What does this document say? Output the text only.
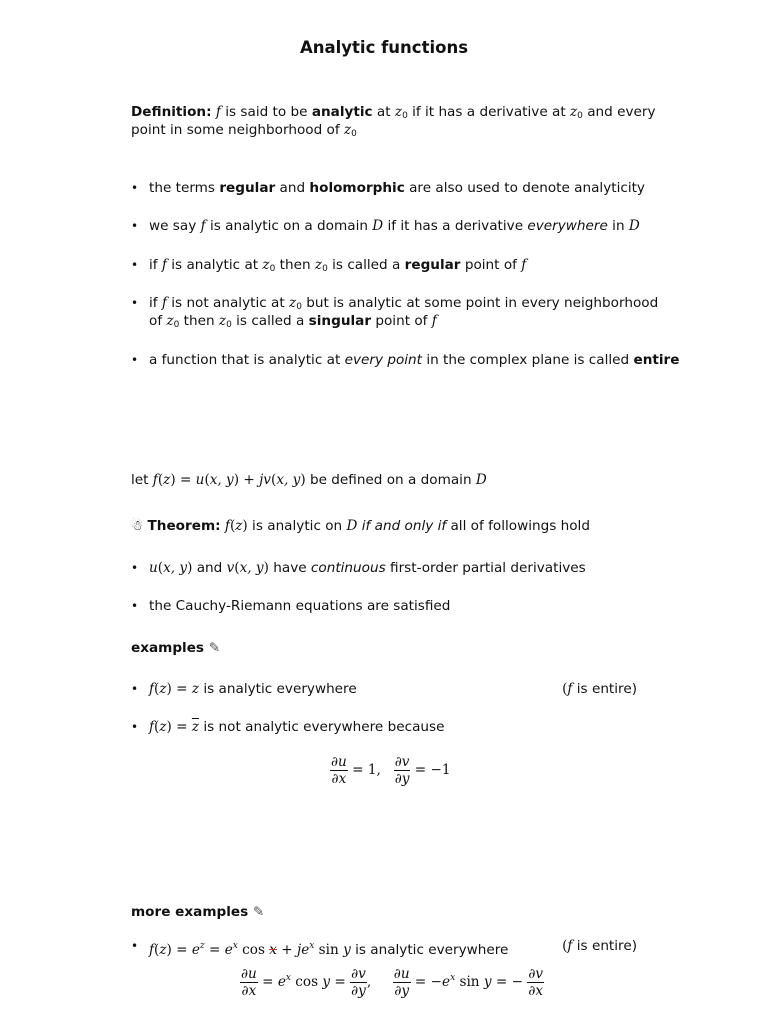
Analytic functions
Definition: f is said to be analytic at $z_0$ if it has a derivative at $z_0$ and every
point in some neighborhood of $z_0$
• the terms regular and holomorphic are also used to denote analyticity
• we say f is analytic on a domain D if it has a derivative everywhere in D
• if f is analytic at $z_0$ then $z_0$ is called a regular point of f
• if f is not analytic at $z_0$ but is analytic at some point in every neighborhood
of $z_0$ then $z_0$ is called a singular point of f
• a function that is analytic at every point in the complex plane is called entire
let f(z) = u(x, y) + jv(x, y) be defined on a domain D
☃ Theorem: f(z) is analytic on D if and only if all of followings hold
• u(x, y) and v(x, y) have continuous first-order partial derivatives
• the Cauchy-Riemann equations are satisfied
examples ✎
• f(z) = z is analytic everywhere	(f is entire)
• $f(z) = \overline{z}$ is not analytic everywhere because
$\frac{\partial u}{\partial x} = 1$, $\frac{\partial v}{\partial y} = -1$
more examples ✎
• $f(z) = e^z = e^x$ $\cos x + je^x$ sin y is analytic everywhere	(f is entire)
$\frac{\partial u}{\partial x} = e^x$ $\cos y = \frac{\partial v}{\partial y}$ , $\frac{\partial u}{\partial y} = -e^x$ sin y = − $\frac{\partial v}{\partial x}$
